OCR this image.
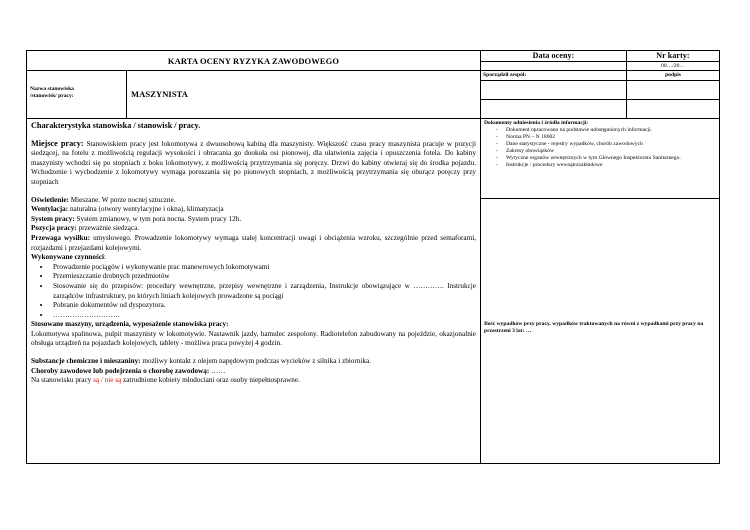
KARTA OCENY RYZYKA ZAWODOWEGO
Data oceny:	Nr karty:
00…/20…
Nazwa stanowiska
/stanowisk/ pracy:	MASZYNISTA
Sporządził zespół:	podpis

Charakterystyka stanowiska / stanowisk / pracy.

Miejsce pracy: Stanowiskiem pracy jest lokomotywa z dwuosobową kabiną dla maszynisty. Większość czasu pracy maszynista pracuje w pozycji siedzącej, na fotelu z możliwością regulacji wysokości i obracania go dookoła osi pionowej, dla ułatwienia zajęcia i opuszczenia fotela. Do kabiny maszynisty wchodzi się po stopniach z boku lokomotywy, z możliwością przytrzymania się poręczy. Drzwi do kabiny otwieraj się do środka pojazdu. Wchodzenie i wychodzenie z lokomotywy wymaga poruszania się po pionowych stopniach, z możliwością przytrzymania się oburącz poręczy przy stopniach

Oświetlenie: Mieszane. W porze nocnej sztuczne.

Wentylacja: naturalna (otwory wentylacyjne i okna), klimatyzacja

System pracy: System zmianowy, w tym pora nocna. System pracy 12h.

Pozycja pracy: przeważnie siedząca.

Przewaga wysiłku: umysłowego. Prowadzenie lokomotywy wymaga stałej koncentracji uwagi i obciążenia wzroku, szczególnie przed semaforami, rozjazdami i przejazdami kolejowymi.

Wykonywane czynności:

• Prowadzenie pociągów i wykonywanie prac manewrowych lokomotywami
• Przemieszczanie drobnych przedmiotów
• Stosowanie się do przepisów: procedury wewnętrzne, przepisy wewnętrzne i zarządzenia, Instrukcje obowiązujące w …………. Instrukcje zarządców infrastruktury, po których liniach kolejowych prowadzone są pociągi
• Pobranie dokumentów od dyspozytora.
• ……………………….

Stosowane maszyny, urządzenia, wyposażenie stanowiska pracy:

Lokomotywa spalinowa, pulpit maszynisty w lokomotywie. Nastawnik jazdy, hamulec zespolony. Radiotelefon zabudowany na pojeździe, okazjonalnie obsługa urządzeń na pojazdach kolejowych, tablety - możliwa praca powyżej 4 godzin.

Substancje chemiczne i mieszaniny: możliwy kontakt z olejem napędowym podczas wycieków z silnika i zbiornika.

Choroby zawodowe lub podejrzenia o chorobę zawodową: ……

Na stanowisku pracy są / nie są zatrudnione kobiety młodociani oraz osoby niepełnosprawne.

Dokumenty odniesienia i źródła informacji:
- Dokument opracowano na podstawie udostępnionych informacji.
- Norma PN – N 18002
- Dane statystyczne - rejestry wypadków, chorób zawodowych
- Zakresy obowiązków
- Wytyczne organów zewnętrznych w tym Głównego Inspektoratu Sanitarnego.
- Instrukcje / procedury wewnątrzzakładowe
Ilość wypadków przy pracy, wypadków traktowanych na równi z wypadkami przy pracy na przestrzeni 3 lat: …
